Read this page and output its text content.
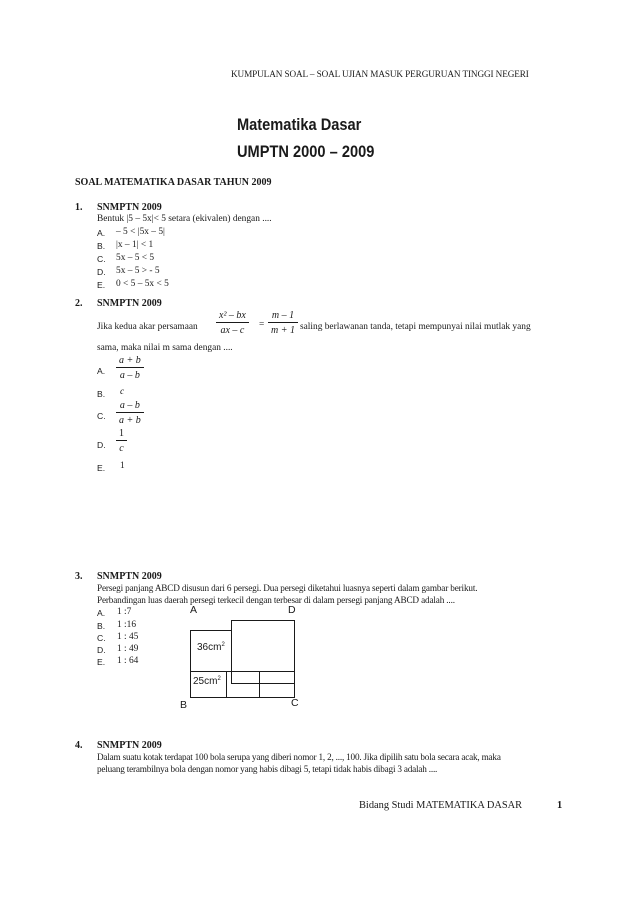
KUMPULAN SOAL – SOAL UJIAN MASUK PERGURUAN TINGGI NEGERI
Matematika Dasar
UMPTN 2000 – 2009
SOAL MATEMATIKA DASAR TAHUN 2009
1. SNMPTN 2009
Bentuk |5 – 5x|< 5 setara (ekivalen) dengan ....
A. – 5 < |5x – 5|
B. |x – 1| < 1
C. 5x – 5 < 5
D. 5x – 5 > - 5
E. 0 < 5 – 5x < 5
2. SNMPTN 2009
Jika kedua akar persamaan $\frac{\text{x² – bx}}{ax - c} = \frac{m - 1}{m + 1}$ saling berlawanan tanda, tetapi mempunyai nilai mutlak yang
sama, maka nilai m sama dengan ....
A. $\frac{a + b}{a - b}$
B. c
C. $\frac{a - b}{a + b}$
D. $\frac{1}{c}$
E. 1
3. SNMPTN 2009
Persegi panjang ABCD disusun dari 6 persegi. Dua persegi diketahui luasnya seperti dalam gambar berikut.
Perbandingan luas daerah persegi terkecil dengan terbesar di dalam persegi panjang ABCD adalah ....
A. 1 :7
B. 1 :16
C. 1 : 45
D. 1 : 49
E. 1 : 64
A	D
B	C
$36cm^2$
$25cm^2$
4. SNMPTN 2009
Dalam suatu kotak terdapat 100 bola serupa yang diberi nomor 1, 2, ..., 100. Jika dipilih satu bola secara acak, maka
peluang terambilnya bola dengan nomor yang habis dibagi 5, tetapi tidak habis dibagi 3 adalah ....
Bidang Studi MATEMATIKA DASAR	1
